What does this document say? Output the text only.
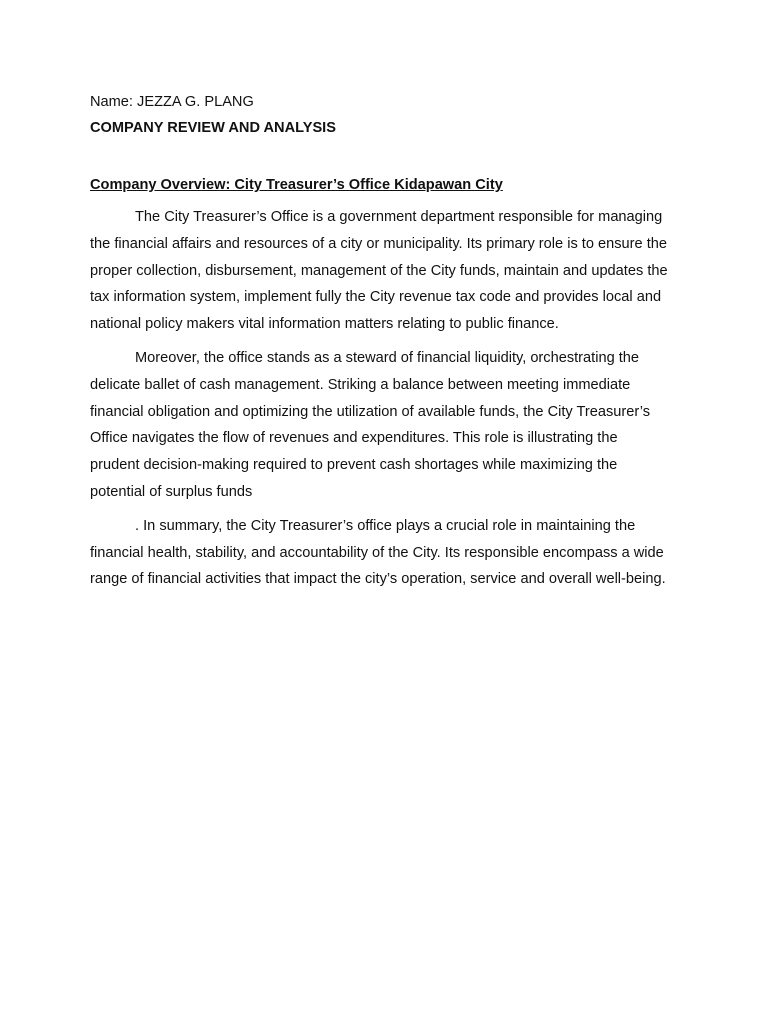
Name: JEZZA G. PLANG

COMPANY REVIEW AND ANALYSIS

Company Overview: City Treasurer’s Office Kidapawan City

The City Treasurer’s Office is a government department responsible for managing the financial affairs and resources of a city or municipality. Its primary role is to ensure the proper collection, disbursement, management of the City funds, maintain and updates the tax information system, implement fully the City revenue tax code and provides local and national policy makers vital information matters relating to public finance.

Moreover, the office stands as a steward of financial liquidity, orchestrating the delicate ballet of cash management. Striking a balance between meeting immediate financial obligation and optimizing the utilization of available funds, the City Treasurer’s Office navigates the flow of revenues and expenditures. This role is illustrating the prudent decision-making required to prevent cash shortages while maximizing the potential of surplus funds

. In summary, the City Treasurer’s office plays a crucial role in maintaining the financial health, stability, and accountability of the City. Its responsible encompass a wide range of financial activities that impact the city’s operation, service and overall well-being.
